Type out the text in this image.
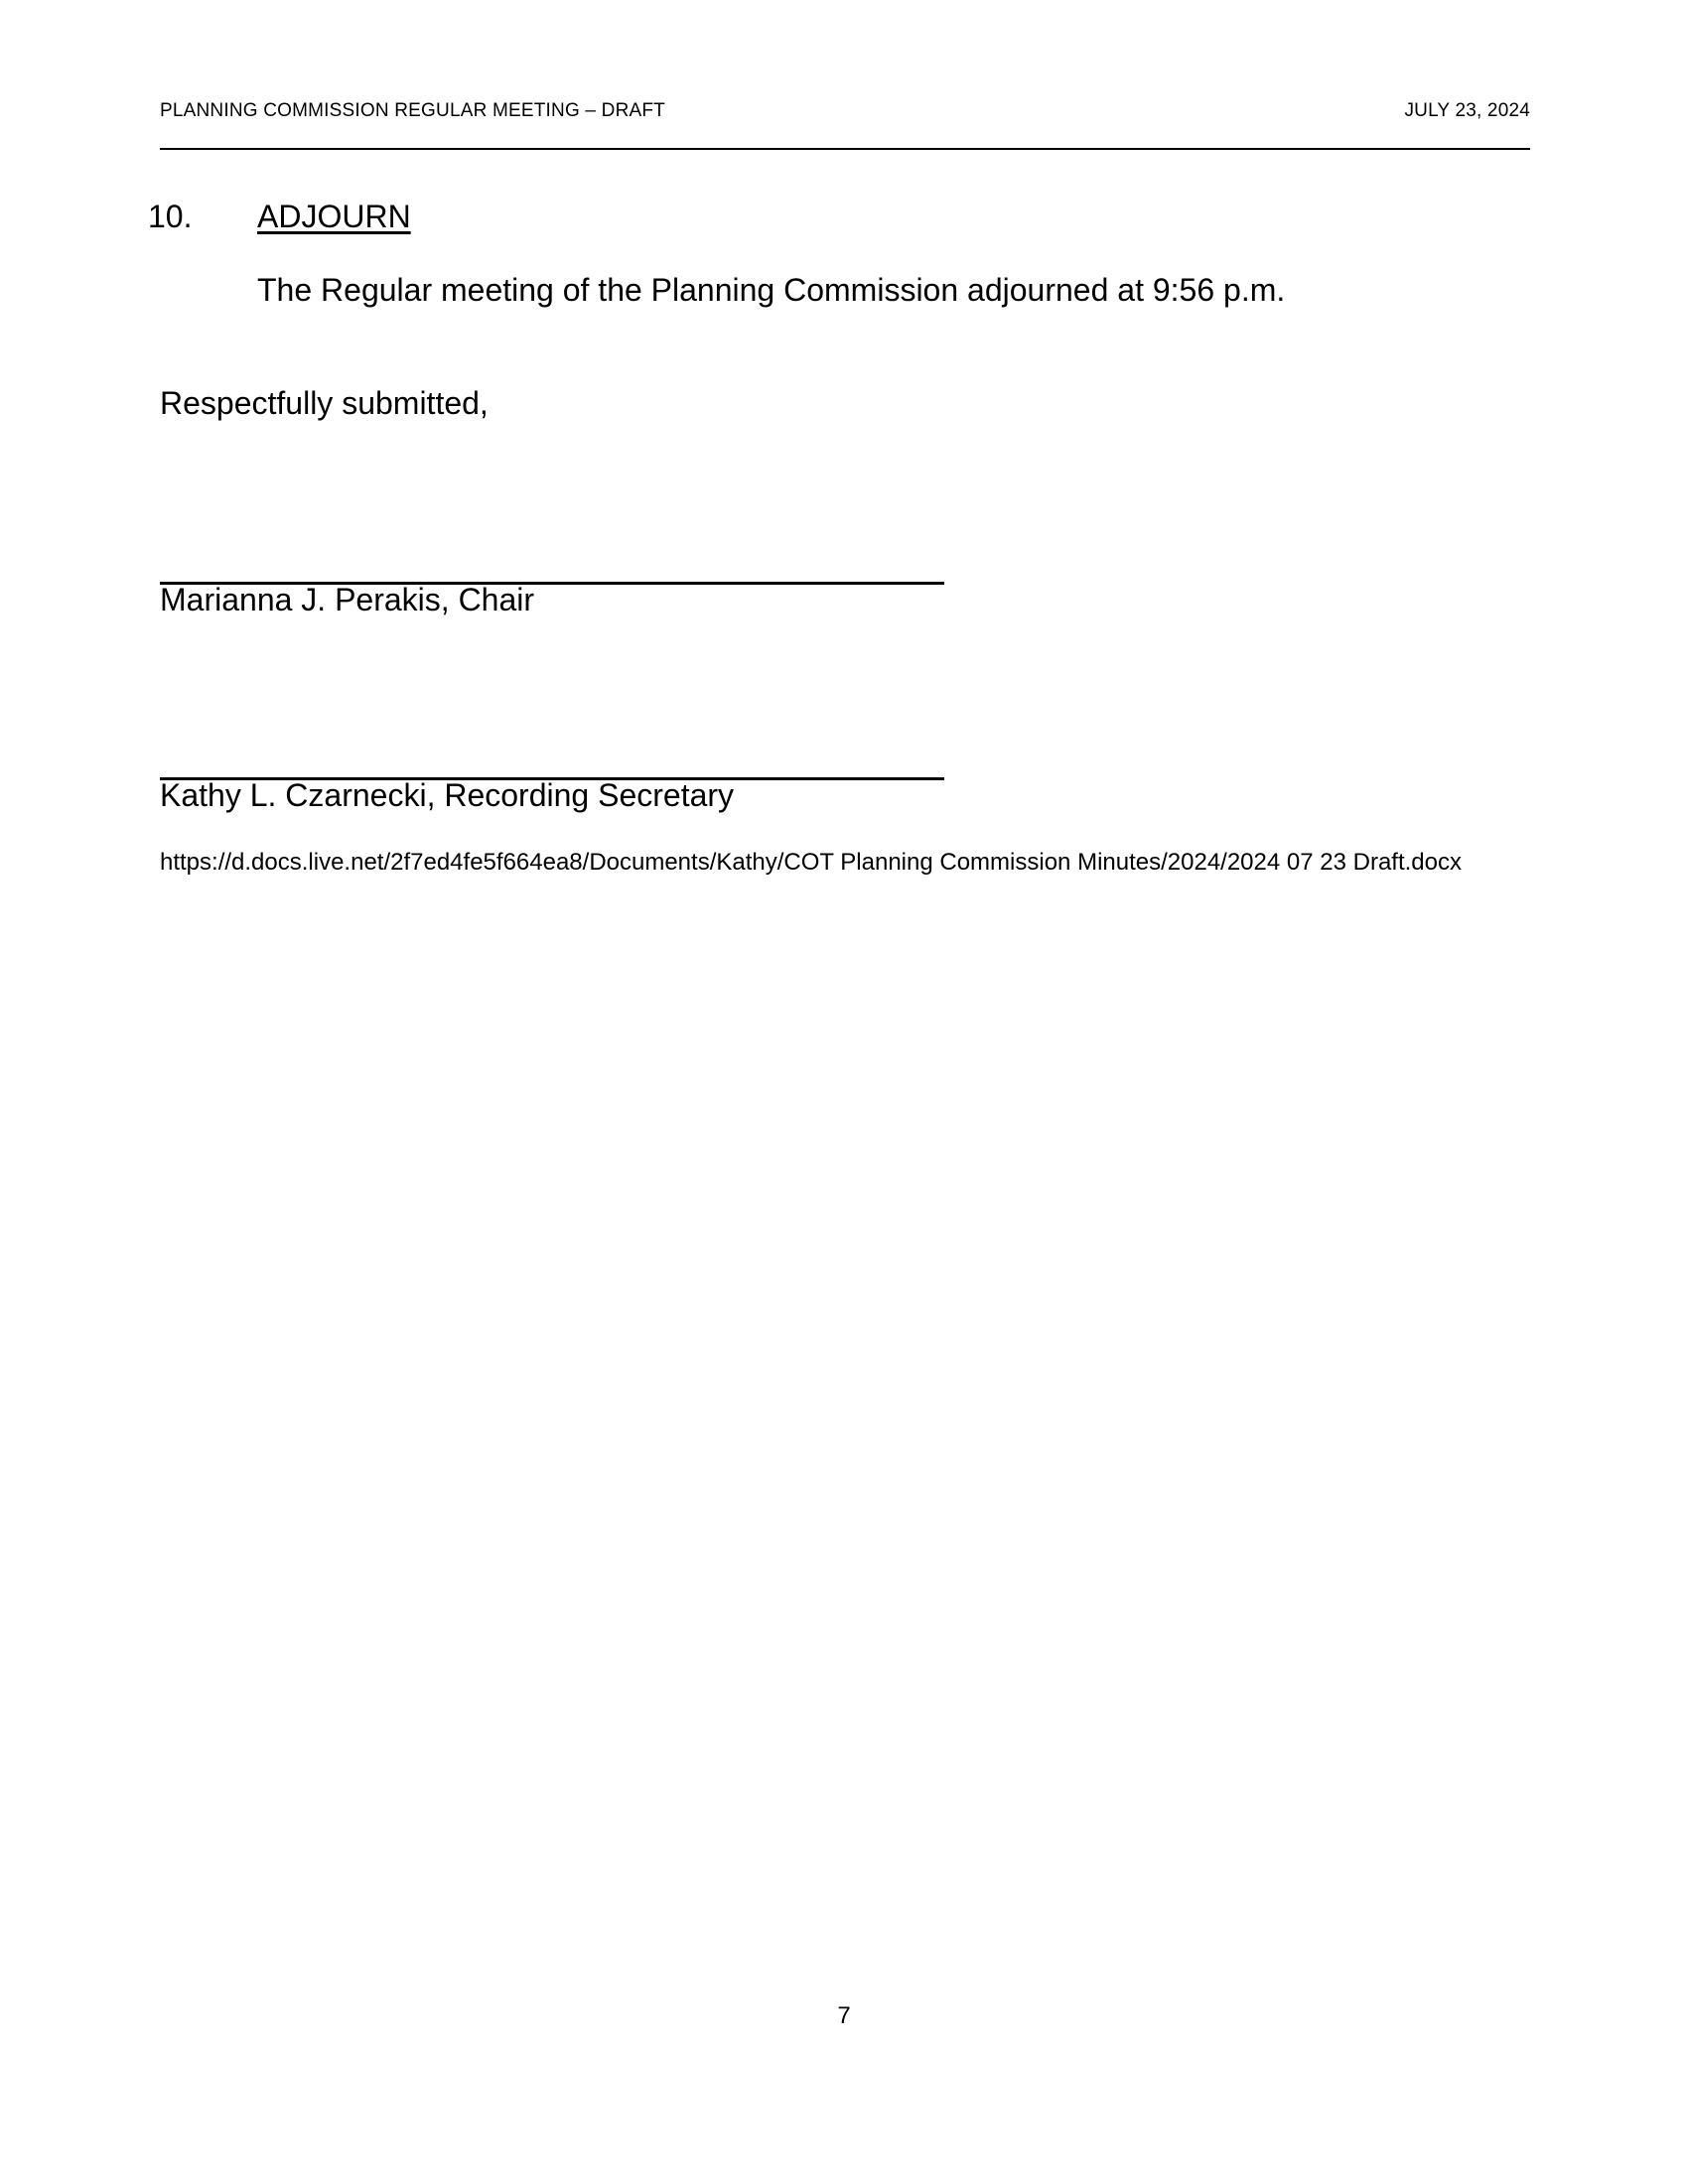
PLANNING COMMISSION REGULAR MEETING – DRAFT	JULY 23, 2024
10. ADJOURN
The Regular meeting of the Planning Commission adjourned at 9:56 p.m.
Respectfully submitted,
Marianna J. Perakis, Chair
Kathy L. Czarnecki, Recording Secretary
https://d.docs.live.net/2f7ed4fe5f664ea8/Documents/Kathy/COT Planning Commission Minutes/2024/2024 07 23 Draft.docx
7
